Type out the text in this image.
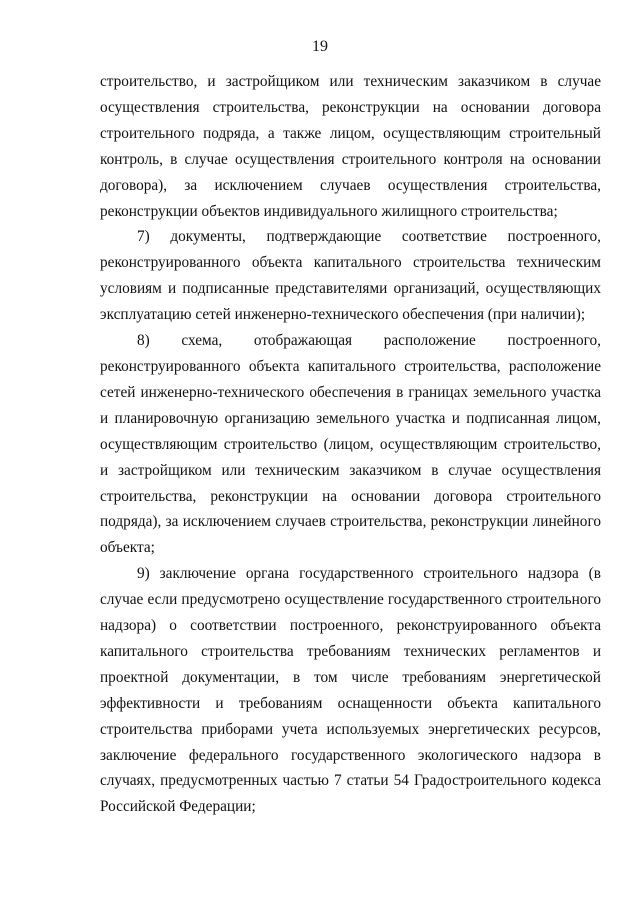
19

строительство, и застройщиком или техническим заказчиком в случае осуществления строительства, реконструкции на основании договора строительного подряда, а также лицом, осуществляющим строительный контроль, в случае осуществления строительного контроля на основании договора), за исключением случаев осуществления строительства, реконструкции объектов индивидуального жилищного строительства;

7) документы, подтверждающие соответствие построенного, реконструированного объекта капитального строительства техническим условиям и подписанные представителями организаций, осуществляющих эксплуатацию сетей инженерно-технического обеспечения (при наличии);

8) схема, отображающая расположение построенного, реконструированного объекта капитального строительства, расположение сетей инженерно-технического обеспечения в границах земельного участка и планировочную организацию земельного участка и подписанная лицом, осуществляющим строительство (лицом, осуществляющим строительство, и застройщиком или техническим заказчиком в случае осуществления строительства, реконструкции на основании договора строительного подряда), за исключением случаев строительства, реконструкции линейного объекта;

9) заключение органа государственного строительного надзора (в случае если предусмотрено осуществление государственного строительного надзора) о соответствии построенного, реконструированного объекта капитального строительства требованиям технических регламентов и проектной документации, в том числе требованиям энергетической эффективности и требованиям оснащенности объекта капитального строительства приборами учета используемых энергетических ресурсов, заключение федерального государственного экологического надзора в случаях, предусмотренных частью 7 статьи 54 Градостроительного кодекса Российской Федерации;
